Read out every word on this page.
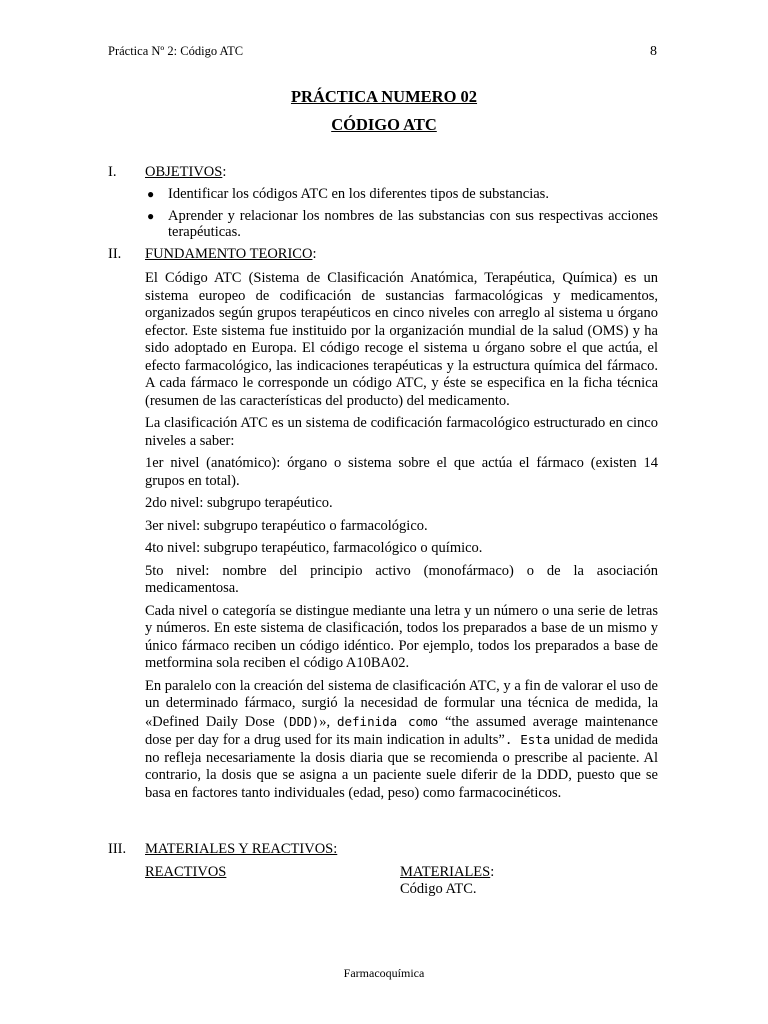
Práctica Nº 2: Código ATC	8
PRÁCTICA NUMERO 02
CÓDIGO ATC
I. OBJETIVOS:
● Identificar los códigos ATC en los diferentes tipos de substancias.
● Aprender y relacionar los nombres de las substancias con sus respectivas acciones terapéuticas.
II. FUNDAMENTO TEORICO:

El Código ATC (Sistema de Clasificación Anatómica, Terapéutica, Química) es un sistema europeo de codificación de sustancias farmacológicas y medicamentos, organizados según grupos terapéuticos en cinco niveles con arreglo al sistema u órgano efector. Este sistema fue instituido por la organización mundial de la salud (OMS) y ha sido adoptado en Europa. El código recoge el sistema u órgano sobre el que actúa, el efecto farmacológico, las indicaciones terapéuticas y la estructura química del fármaco. A cada fármaco le corresponde un código ATC, y éste se especifica en la ficha técnica (resumen de las características del producto) del medicamento.

La clasificación ATC es un sistema de codificación farmacológico estructurado en cinco niveles a saber:

1er nivel (anatómico): órgano o sistema sobre el que actúa el fármaco (existen 14 grupos en total).

2do nivel: subgrupo terapéutico.

3er nivel: subgrupo terapéutico o farmacológico.

4to nivel: subgrupo terapéutico, farmacológico o químico.

5to nivel: nombre del principio activo (monofármaco) o de la asociación medicamentosa.

Cada nivel o categoría se distingue mediante una letra y un número o una serie de letras y números. En este sistema de clasificación, todos los preparados a base de un mismo y único fármaco reciben un código idéntico. Por ejemplo, todos los preparados a base de metformina sola reciben el código A10BA02.

En paralelo con la creación del sistema de clasificación ATC, y a fin de valorar el uso de un determinado fármaco, surgió la necesidad de formular una técnica de medida, la «Defined Daily Dose (DDD)», definida como “the assumed average maintenance dose per day for a drug used for its main indication in adults”. Esta unidad de medida no refleja necesariamente la dosis diaria que se recomienda o prescribe al paciente. Al contrario, la dosis que se asigna a un paciente suele diferir de la DDD, puesto que se basa en factores tanto individuales (edad, peso) como farmacocinéticos.

III. MATERIALES Y REACTIVOS:
REACTIVOS	MATERIALES:
Código ATC.
Farmacoquímica
